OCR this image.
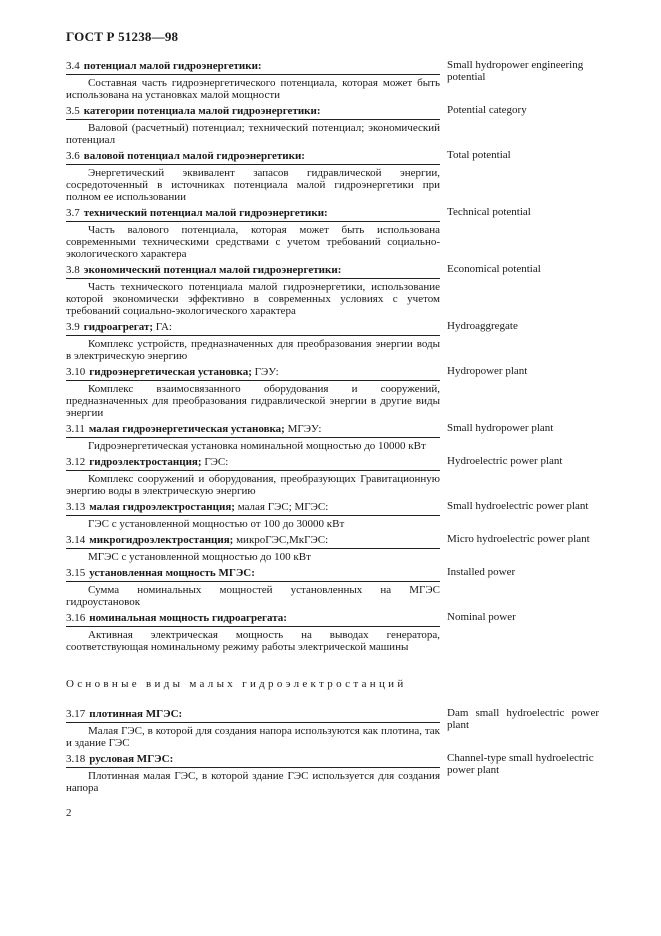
ГОСТ Р 51238—98
3.4 потенциал малой гидроэнергетики:
Составная часть гидроэнергетического потенциала, которая может быть использована на установках малой мощности
Small hydropower engineering potential
3.5 категории потенциала малой гидроэнергетики:
Валовой (расчетный) потенциал; технический потенциал; экономический потенциал
Potential category
3.6 валовой потенциал малой гидроэнергетики:
Энергетический эквивалент запасов гидравлической энергии, сосредоточенный в источниках потенциала малой гидроэнергетики при полном ее использовании
Total potential
3.7 технический потенциал малой гидроэнергетики:
Часть валового потенциала, которая может быть использована современными техническими средствами с учетом требований социально-экологического характера
Technical potential
3.8 экономический потенциал малой гидроэнергетики:
Часть технического потенциала малой гидроэнергетики, использование которой экономически эффективно в современных условиях с учетом требований социально-экологического характера
Economical potential
3.9 гидроагрегат; ГА:
Комплекс устройств, предназначенных для преобразования энергии воды в электрическую энергию
Hydroaggregate
3.10 гидроэнергетическая установка; ГЭУ:
Комплекс взаимосвязанного оборудования и сооружений, предназначенных для преобразования гидравлической энергии в другие виды энергии
Hydropower plant
3.11 малая гидроэнергетическая установка; МГЭУ:
Гидроэнергетическая установка номинальной мощностью до 10000 кВт
Small hydropower plant
3.12 гидроэлектростанция; ГЭС:
Комплекс сооружений и оборудования, преобразующих Гравитационную энергию воды в электрическую энергию
Hydroelectric power plant
3.13 малая гидроэлектростанция; малая ГЭС; МГЭС:
ГЭС с установленной мощностью от 100 до 30000 кВт
Small hydroelectric power plant
3.14 микрогидроэлектростанция; микроГЭС,МкГЭС:
МГЭС с установленной мощностью до 100 кВт
Micro hydroelectric power plant
3.15 установленная мощность МГЭС:
Сумма номинальных мощностей установленных на МГЭС гидроустановок
Installed power
3.16 номинальная мощность гидроагрегата:
Активная электрическая мощность на выводах генератора, соответствующая номинальному режиму работы электрической машины
Nominal power
Основные виды малых гидроэлектростанций
3.17 плотинная МГЭС:
Малая ГЭС, в которой для создания напора используются как плотина, так и здание ГЭС
Dam small hydroelectric power plant
3.18 русловая МГЭС:
Плотинная малая ГЭС, в которой здание ГЭС используется для создания напора
Channel-type small hydroelectric power plant
2
